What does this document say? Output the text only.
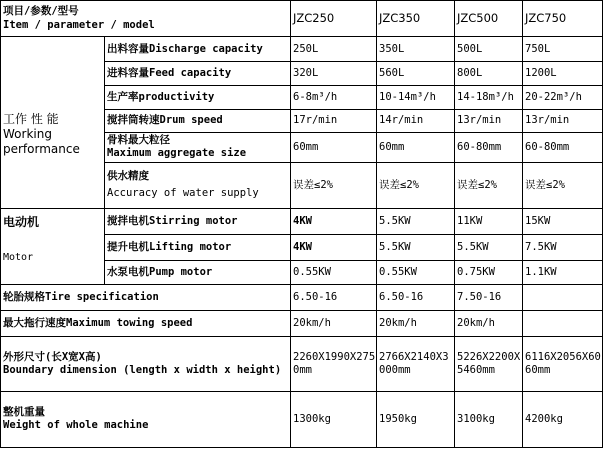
项目/参数/型号
Item / parameter / model		JZC250	JZC350	JZC500	JZC750
	出料容量Discharge capacity	250L	350L	500L	750L

工作 性 能
Working
performance	进料容量Feed capacity	320L	560L	800L	1200L
	生产率productivity	6-8m³/h	10-14m³/h	14-18m³/h	20-22m³/h
	搅拌筒转速Drum speed	17r/min	14r/min	13r/min	13r/min

	骨料最大粒径
Maximum aggregate size	60mm	60mm	60-80mm	60-80mm

	供水精度
Accuracy of water supply	误差≤2%	误差≤2%	误差≤2%	误差≤2%

电动机
Motor	搅拌电机Stirring motor	4KW	5.5KW	11KW	15KW
	提升电机Lifting motor	4KW	5.5KW	5.5KW	7.5KW
	水泵电机Pump motor	0.55KW	0.55KW	0.75KW	1.1KW
轮胎规格Tire specification		6.50-16	6.50-16	7.50-16	
最大拖行速度Maximum towing speed		20km/h	20km/h	20km/h	

外形尺寸(长X宽X高)
Boundary dimension (length x width x height)		2260X1990X2750mm	2766X2140X3000mm	5226X2200X5460mm	6116X2056X6060mm

整机重量
Weight of whole machine		1300kg	1950kg	3100kg	4200kg
